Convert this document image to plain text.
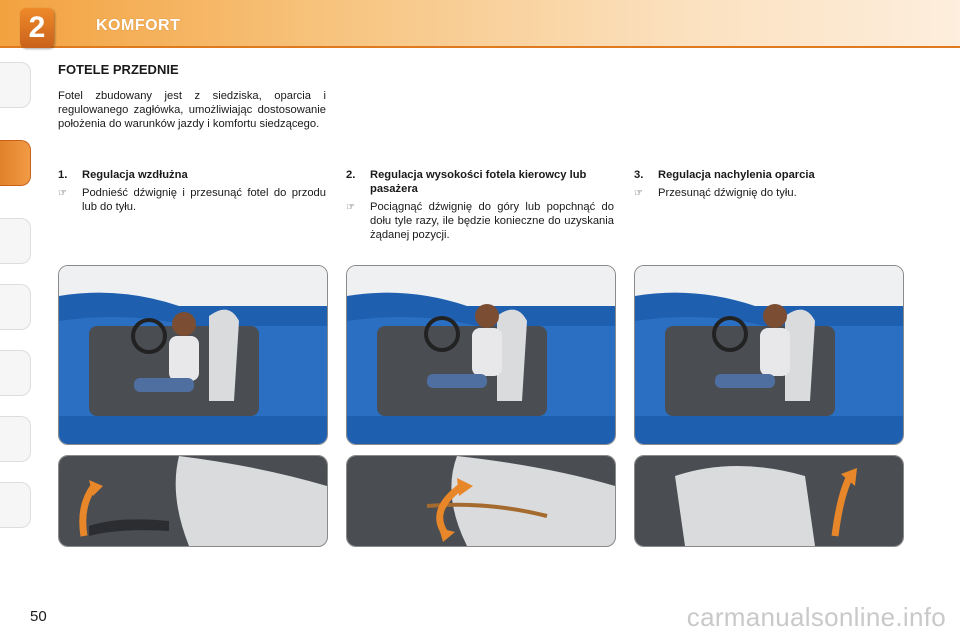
2	KOMFORT
FOTELE PRZEDNIE
Fotel zbudowany jest z siedziska, oparcia i regulowanego zagłówka, umożliwiając dostosowanie położenia do warunków jazdy i komfortu siedzącego.
1.	Regulacja wzdłużna
☞	Podnieść dźwignię i przesunąć fotel do przodu lub do tyłu.
2.	Regulacja wysokości fotela kierowcy lub pasażera
☞	Pociągnąć dźwignię do góry lub popchnąć do dołu tyle razy, ile będzie konieczne do uzyskania żądanej pozycji.
3.	Regulacja nachylenia oparcia
☞	Przesunąć dźwignię do tyłu.
50	carmanualsonline.info
